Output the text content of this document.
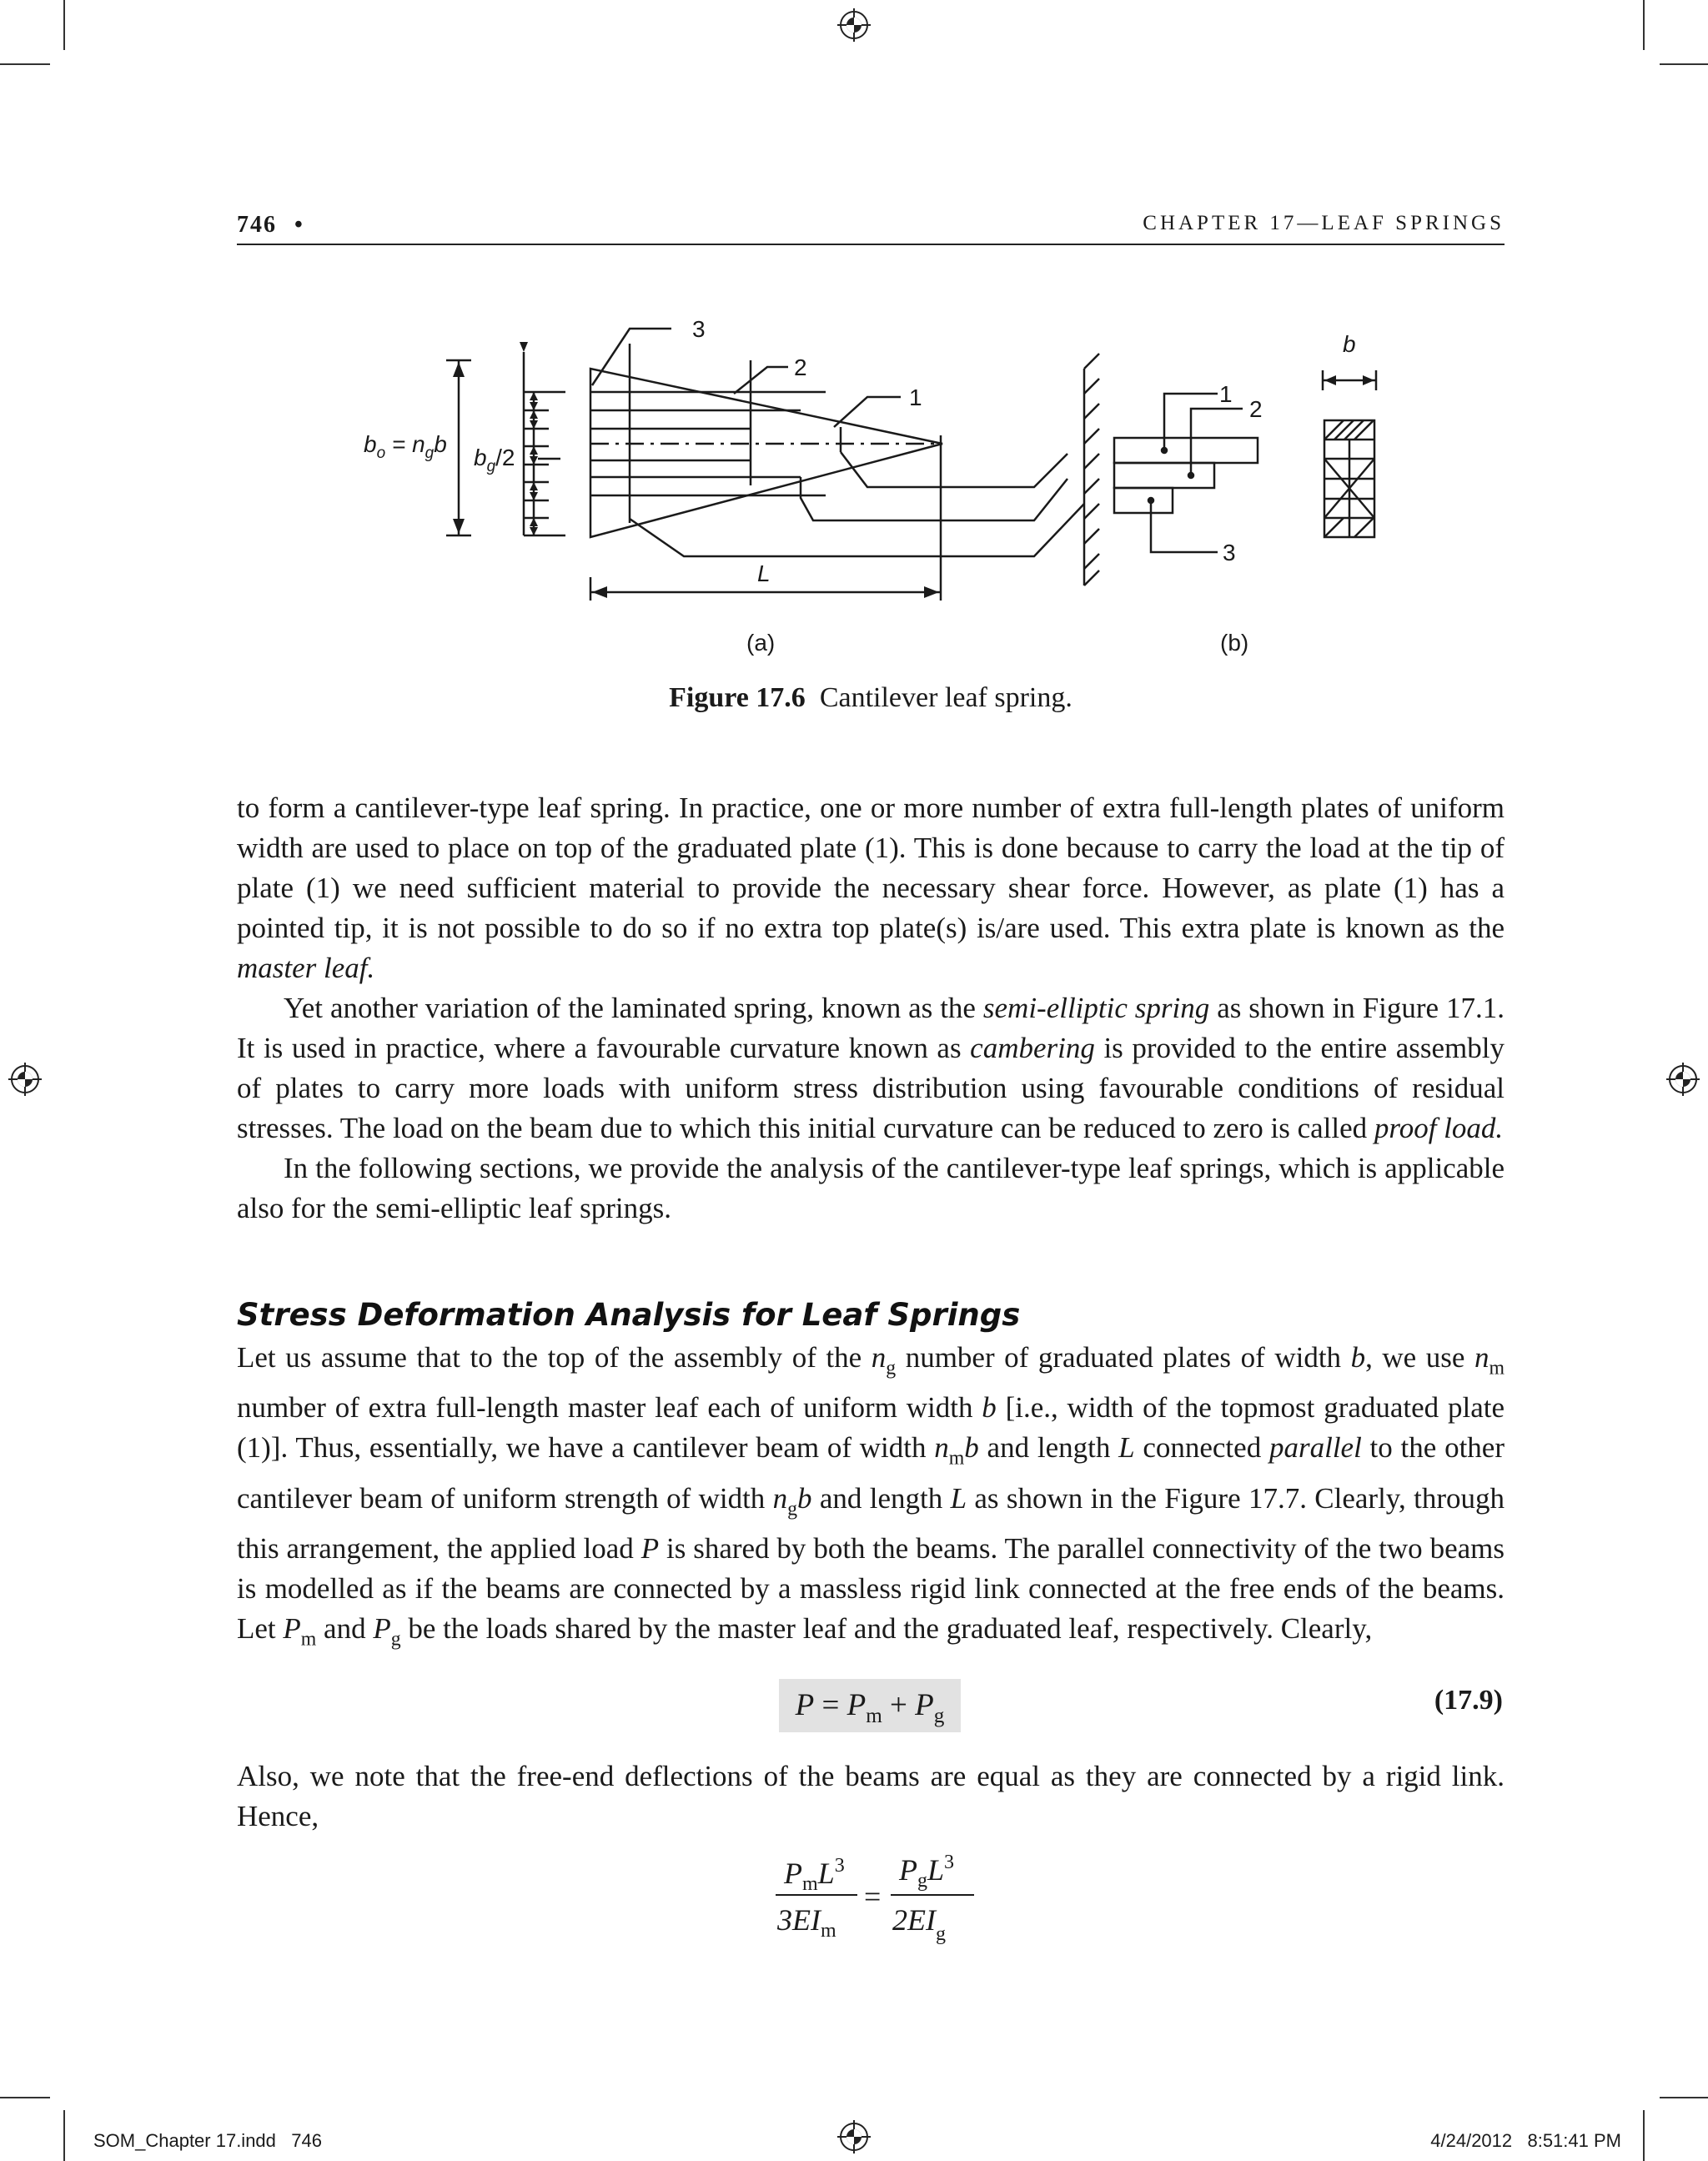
746 •	CHAPTER 17—LEAF SPRINGS
$b_o = n_gb$
$b_g/2$
3
2
1
L
1
2
3
b
(a)	(b)
Figure 17.6 Cantilever leaf spring.

to form a cantilever-type leaf spring. In practice, one or more number of extra full-length plates of uniform width are used to place on top of the graduated plate (1). This is done because to carry the load at the tip of plate (1) we need sufficient material to provide the necessary shear force. However, as plate (1) has a pointed tip, it is not possible to do so if no extra top plate(s) is/are used. This extra plate is known as the master leaf.

Yet another variation of the laminated spring, known as the semi-elliptic spring as shown in Figure 17.1. It is used in practice, where a favourable curvature known as cambering is provided to the entire assembly of plates to carry more loads with uniform stress distribution using favourable conditions of residual stresses. The load on the beam due to which this initial curvature can be reduced to zero is called proof load.

In the following sections, we provide the analysis of the cantilever-type leaf springs, which is applicable also for the semi-elliptic leaf springs.

Stress Deformation Analysis for Leaf Springs

Let us assume that to the top of the assembly of the $n_g$ number of graduated plates of width b, we use $n_m$ number of extra full-length master leaf each of uniform width b [i.e., width of the topmost graduated plate (1)]. Thus, essentially, we have a cantilever beam of width $n_mb$ and length L connected parallel to the other cantilever beam of uniform strength of width $n_gb$ and length L as shown in the Figure 17.7. Clearly, through this arrangement, the applied load P is shared by both the beams. The parallel connectivity of the two beams is modelled as if the beams are connected by a massless rigid link connected at the free ends of the beams. Let $P_m$ and $P_g$ be the loads shared by the master leaf and the graduated leaf, respectively. Clearly,

$P = P_m + P_g$
(17.9)

Also, we note that the free-end deflections of the beams are equal as they are connected by a rigid link. Hence,

$P_mL^3$
$3EI_m$
=
$P_gL^3$
$2EI_g$
SOM_Chapter 17.indd   746	4/24/2012   8:51:41 PM
